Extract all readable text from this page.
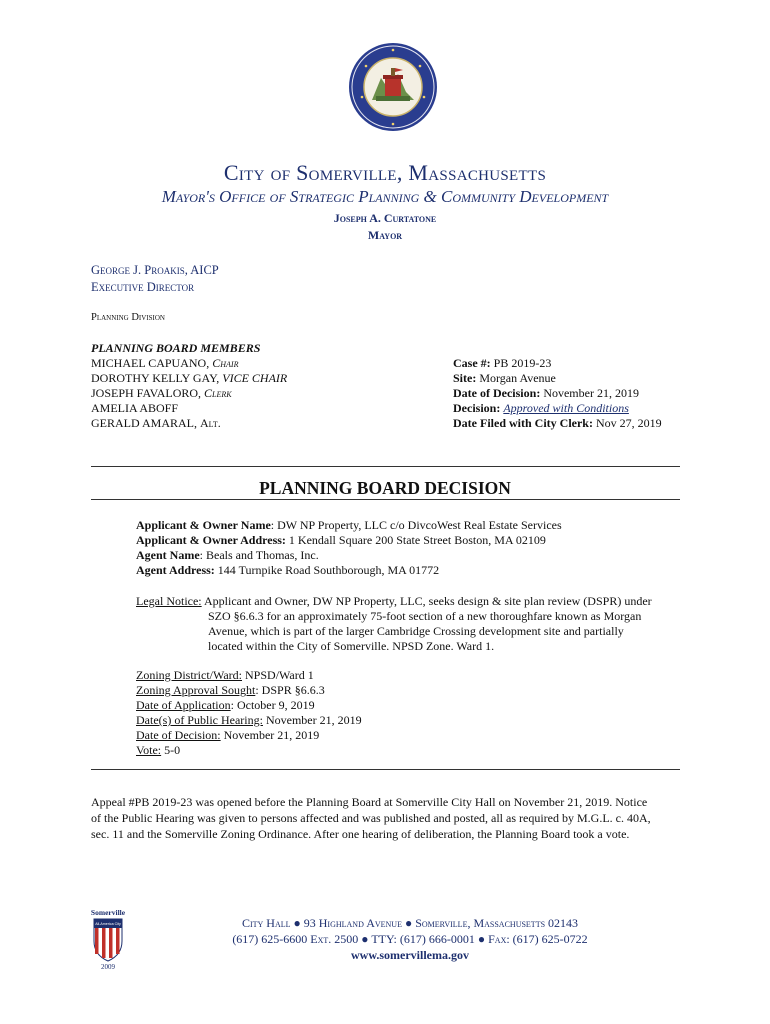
City of Somerville, Massachusetts
Mayor's Office of Strategic Planning & Community Development
Joseph A. Curtatone
Mayor
George J. Proakis, AICP
Executive Director
Planning Division
PLANNING BOARD MEMBERS
MICHAEL CAPUANO, Chair
DOROTHY KELLY GAY, VICE CHAIR
JOSEPH FAVALORO, Clerk
AMELIA ABOFF
GERALD AMARAL, Alt.
Case #: PB 2019-23
Site: Morgan Avenue
Date of Decision: November 21, 2019
Decision: Approved with Conditions
Date Filed with City Clerk: Nov 27, 2019
PLANNING BOARD DECISION
Applicant & Owner Name: DW NP Property, LLC c/o DivcoWest Real Estate Services
Applicant & Owner Address: 1 Kendall Square 200 State Street Boston, MA 02109
Agent Name: Beals and Thomas, Inc.
Agent Address: 144 Turnpike Road Southborough, MA 01772
Legal Notice: Applicant and Owner, DW NP Property, LLC, seeks design & site plan review (DSPR) under
SZO §6.6.3 for an approximately 75-foot section of a new thoroughfare known as Morgan
Avenue, which is part of the larger Cambridge Crossing development site and partially
located within the City of Somerville. NPSD Zone. Ward 1.
Zoning District/Ward: NPSD/Ward 1
Zoning Approval Sought: DSPR §6.6.3
Date of Application: October 9, 2019
Date(s) of Public Hearing: November 21, 2019
Date of Decision: November 21, 2019
Vote: 5-0
Appeal #PB 2019-23 was opened before the Planning Board at Somerville City Hall on November 21, 2019. Notice
of the Public Hearing was given to persons affected and was published and posted, all as required by M.G.L. c. 40A,
sec. 11 and the Somerville Zoning Ordinance. After one hearing of deliberation, the Planning Board took a vote.
Somerville
All-America City
2009
City Hall ● 93 Highland Avenue ● Somerville, Massachusetts 02143
(617) 625-6600 Ext. 2500 ● TTY: (617) 666-0001 ● Fax: (617) 625-0722
www.somervillema.gov
